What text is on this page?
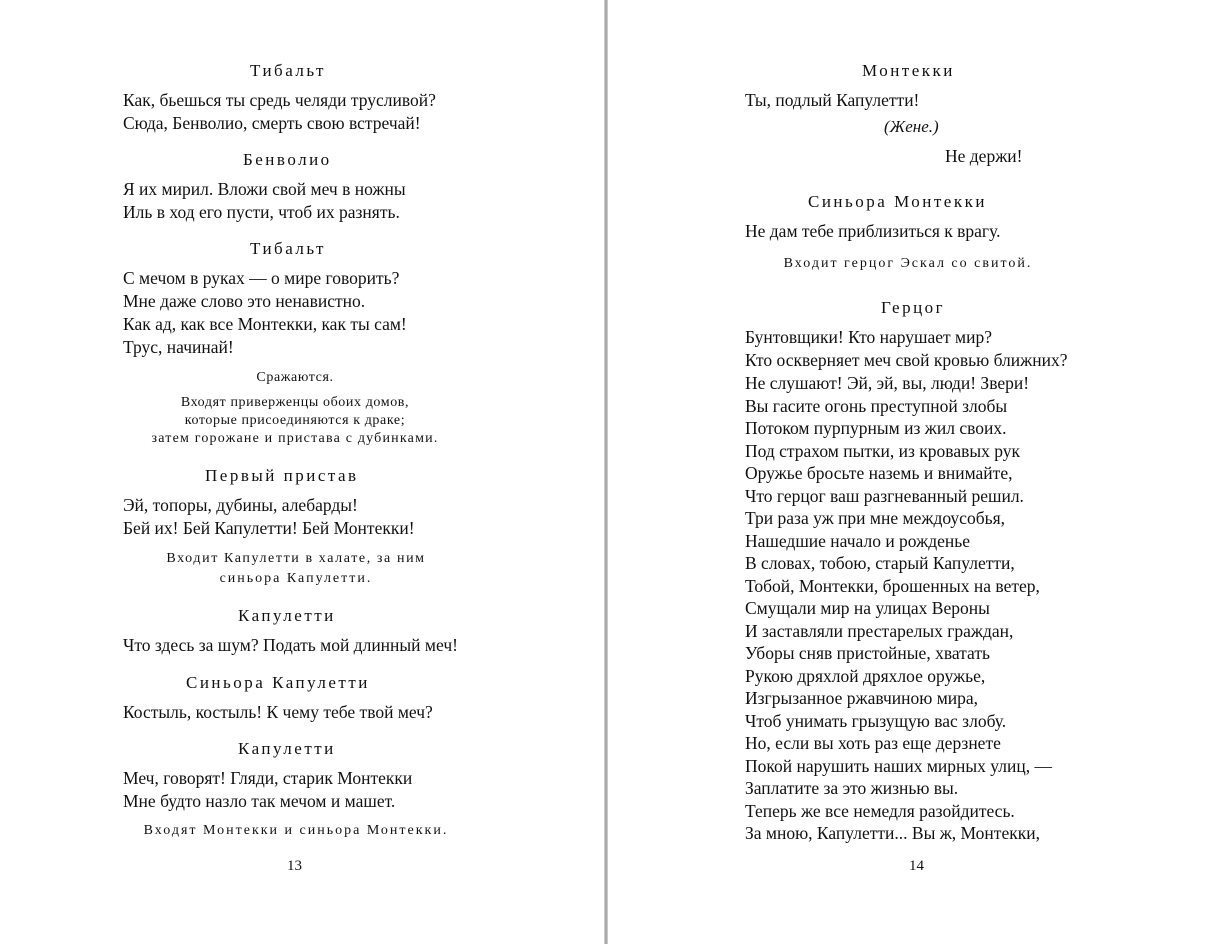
Тибальт
Как, бьешься ты средь челяди трусливой?
Сюда, Бенволио, смерть свою встречай!
Бенволио
Я их мирил. Вложи свой меч в ножны
Иль в ход его пусти, чтоб их разнять.
Тибальт
С мечом в руках — о мире говорить?
Мне даже слово это ненавистно.
Как ад, как все Монтекки, как ты сам!
Трус, начинай!
Сражаются.
Входят приверженцы обоих домов,
которые присоединяются к драке;
затем горожане и пристава с дубинками.
Первый пристав
Эй, топоры, дубины, алебарды!
Бей их! Бей Капулетти! Бей Монтекки!
Входит Капулетти в халате, за ним
синьора Капулетти.
Капулетти
Что здесь за шум? Подать мой длинный меч!
Синьора Капулетти
Костыль, костыль! К чему тебе твой меч?
Капулетти
Меч, говорят! Гляди, старик Монтекки
Мне будто назло так мечом и машет.
Входят Монтекки и синьора Монтекки.
13
Монтекки
Ты, подлый Капулетти!
(Жене.)
Не держи!
Синьора Монтекки
Не дам тебе приблизиться к врагу.
Входит герцог Эскал со свитой.
Герцог
Бунтовщики! Кто нарушает мир?
Кто оскверняет меч свой кровью ближних?
Не слушают! Эй, эй, вы, люди! Звери!
Вы гасите огонь преступной злобы
Потоком пурпурным из жил своих.
Под страхом пытки, из кровавых рук
Оружье бросьте наземь и внимайте,
Что герцог ваш разгневанный решил.
Три раза уж при мне междоусобья,
Нашедшие начало и рожденье
В словах, тобою, старый Капулетти,
Тобой, Монтекки, брошенных на ветер,
Смущали мир на улицах Вероны
И заставляли престарелых граждан,
Уборы сняв пристойные, хватать
Рукою дряхлой дряхлое оружье,
Изгрызанное ржавчиною мира,
Чтоб унимать грызущую вас злобу.
Но, если вы хоть раз еще дерзнете
Покой нарушить наших мирных улиц, —
Заплатите за это жизнью вы.
Теперь же все немедля разойдитесь.
За мною, Капулетти... Вы ж, Монтекки,
14
